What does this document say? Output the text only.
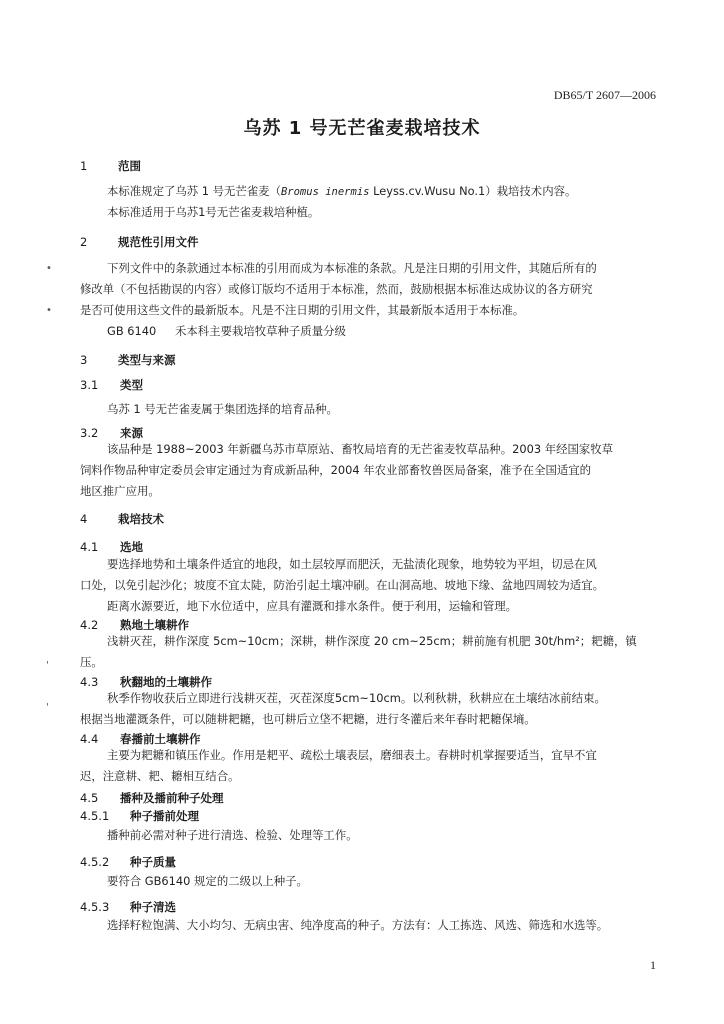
DB65/T 2607—2006
乌苏 1 号无芒雀麦栽培技术
1	范围
本标准规定了乌苏 1 号无芒雀麦（Bromus inermis Leyss.cv.Wusu No.1）栽培技术内容。
本标准适用于乌苏1号无芒雀麦栽培种植。
2	规范性引用文件
•	下列文件中的条款通过本标准的引用而成为本标准的条款。凡是注日期的引用文件，其随后所有的
修改单（不包括勘误的内容）或修订版均不适用于本标准，然而，鼓励根据本标准达成协议的各方研究
• 是否可使用这些文件的最新版本。凡是不注日期的引用文件，其最新版本适用于本标准。
GB 6140 禾本科主要栽培牧草种子质量分级
3	类型与来源
3.1 类型
乌苏 1 号无芒雀麦属于集团选择的培育品种。
3.2 来源
该品种是 1988~2003 年新疆乌苏市草原站、畜牧局培育的无芒雀麦牧草品种。2003 年经国家牧草
饲料作物品种审定委员会审定通过为育成新品种，2004 年农业部畜牧兽医局备案，准予在全国适宜的
地区推广应用。
4	栽培技术
4.1 选地
要选择地势和土壤条件适宜的地段，如土层较厚而肥沃，无盐渍化现象，地势较为平坦，切忌在风
口处，以免引起沙化；坡度不宜太陡，防治引起土壤冲刷。在山洞高地、坡地下缘、盆地四周较为适宜。
距离水源要近，地下水位适中，应具有灌溉和排水条件。便于利用，运输和管理。
4.2 熟地土壤耕作
浅耕灭茬，耕作深度 5cm~10cm；深耕，耕作深度 20 cm~25cm；耕前施有机肥 30t/hm²；耙耱，镇
'	压。
4.3 秋翻地的土壤耕作
秋季作物收获后立即进行浅耕灭茬，灭茬深度5cm~10cm。以利秋耕，秋耕应在土壤结冰前结束。
'
根据当地灌溉条件，可以随耕耙耱，也可耕后立垡不耙耱，进行冬灌后来年春时耙耱保墒。
4.4 春播前土壤耕作
主要为耙耱和镇压作业。作用是耙平、疏松土壤表层，磨细表土。春耕时机掌握要适当，宜早不宜
迟，注意耕、耙、耱相互结合。
4.5 播种及播前种子处理
4.5.1 种子播前处理
播种前必需对种子进行清选、检验、处理等工作。
4.5.2 种子质量
要符合 GB6140 规定的二级以上种子。
4.5.3 种子清选
选择籽粒饱满、大小均匀、无病虫害、纯净度高的种子。方法有：人工拣选、风选、筛选和水选等。
1
